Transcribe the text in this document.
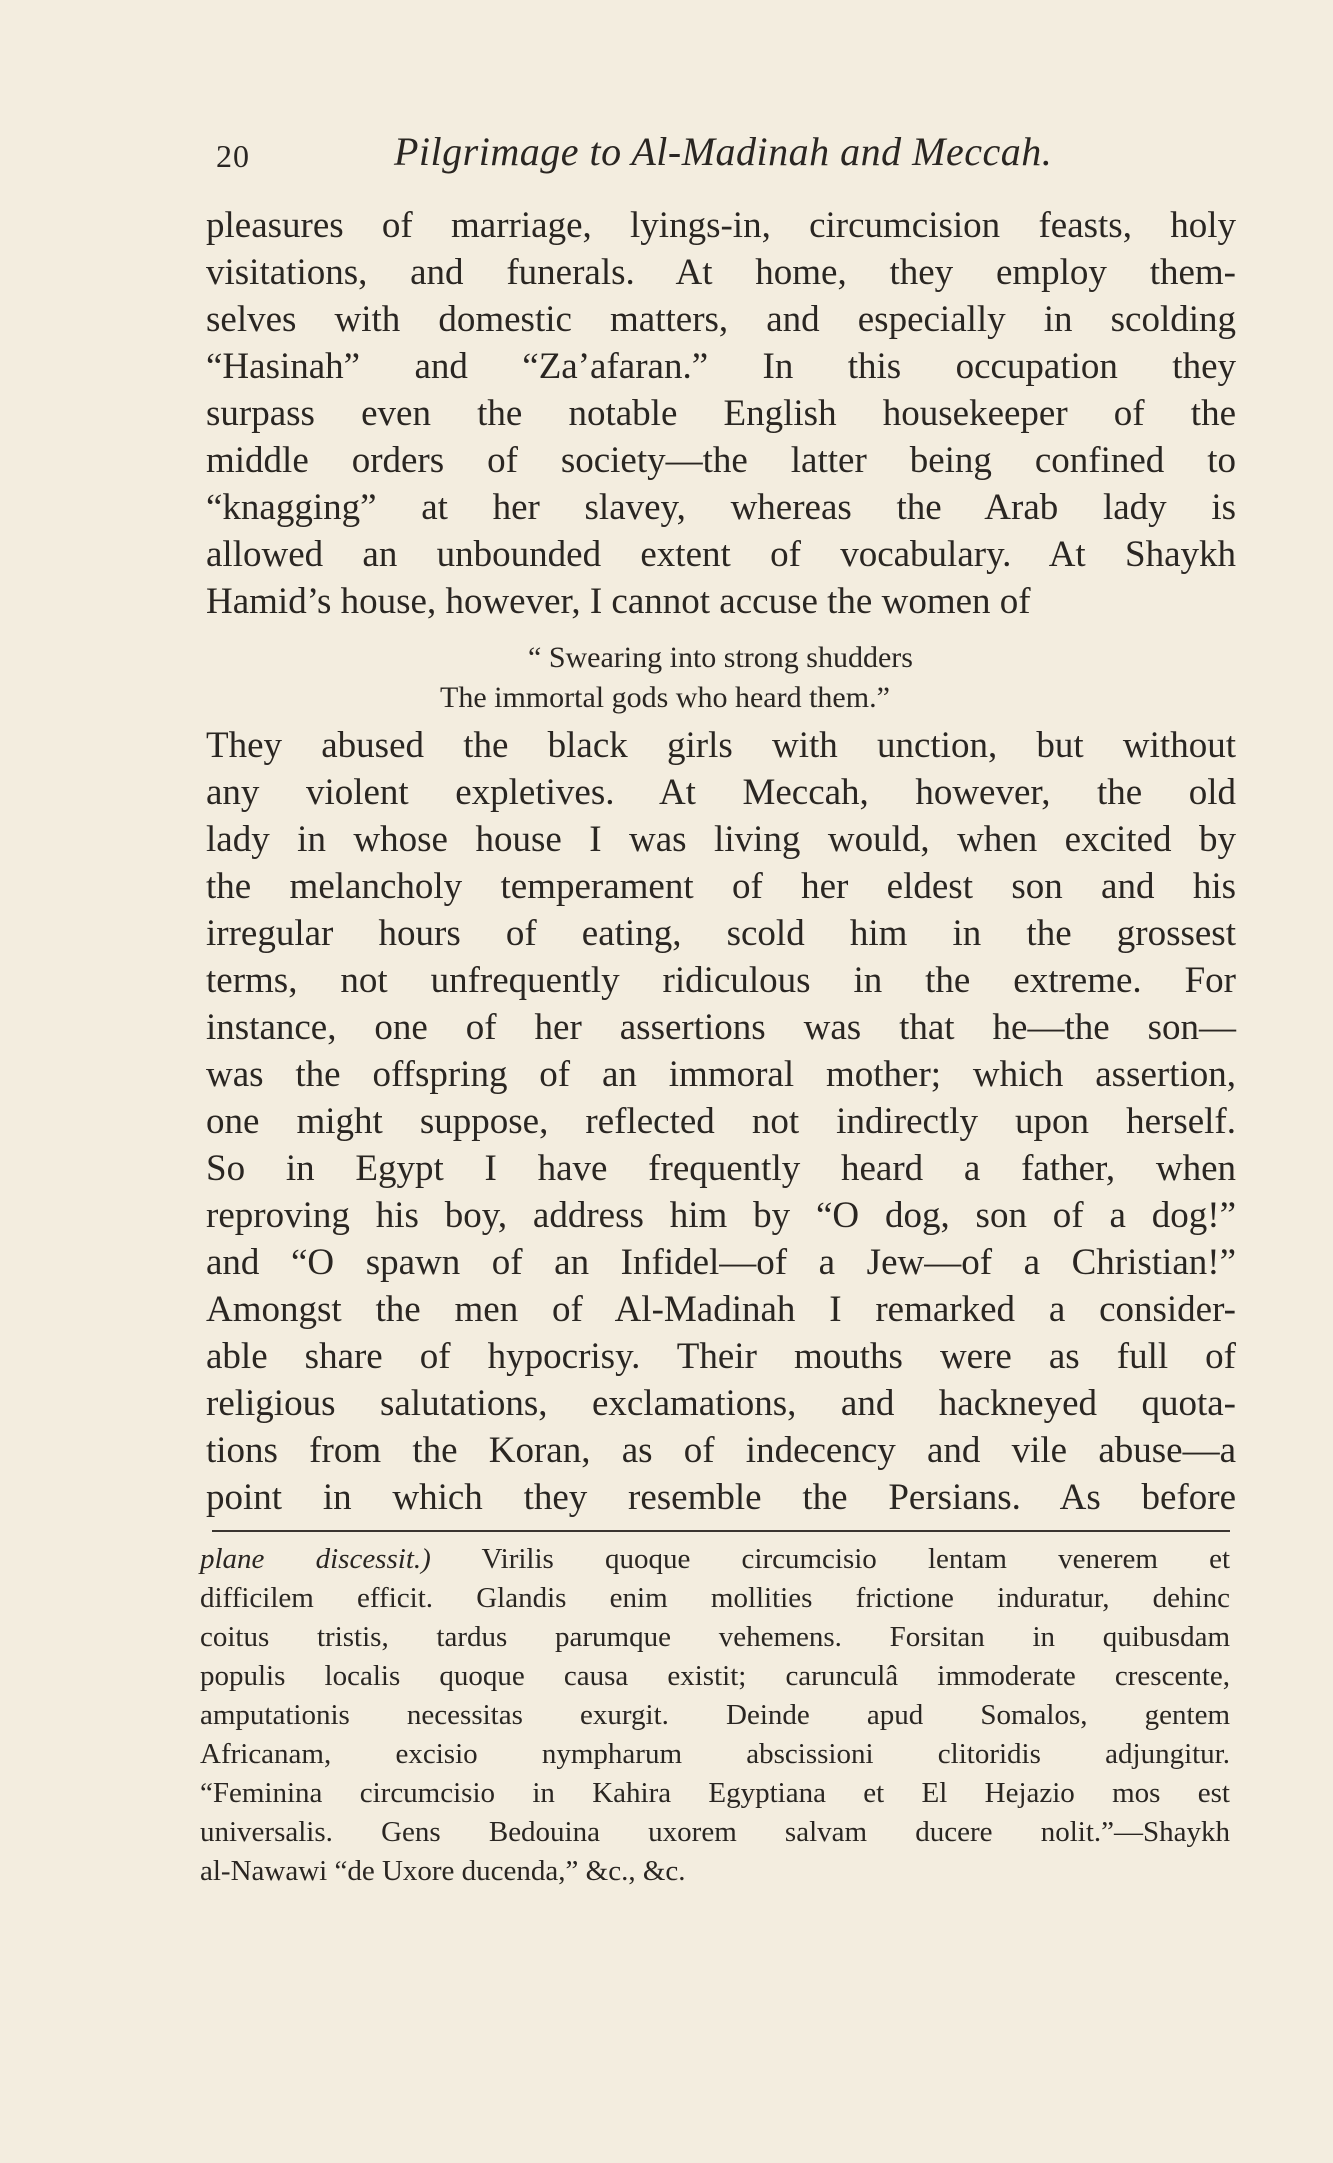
20	Pilgrimage to Al-Madinah and Meccah.
pleasures of marriage, lyings-in, circumcision feasts, holy
visitations, and funerals. At home, they employ them-
selves with domestic matters, and especially in scolding
“Hasinah” and “Za’afaran.” In this occupation they
surpass even the notable English housekeeper of the
middle orders of society—the latter being confined to
“knagging” at her slavey, whereas the Arab lady is
allowed an unbounded extent of vocabulary. At Shaykh
Hamid’s house, however, I cannot accuse the women of
“ Swearing into strong shudders
The immortal gods who heard them.”
They abused the black girls with unction, but without
any violent expletives. At Meccah, however, the old
lady in whose house I was living would, when excited by
the melancholy temperament of her eldest son and his
irregular hours of eating, scold him in the grossest
terms, not unfrequently ridiculous in the extreme. For
instance, one of her assertions was that he—the son—
was the offspring of an immoral mother; which assertion,
one might suppose, reflected not indirectly upon herself.
So in Egypt I have frequently heard a father, when
reproving his boy, address him by “O dog, son of a dog!”
and “O spawn of an Infidel—of a Jew—of a Christian!”
Amongst the men of Al-Madinah I remarked a consider-
able share of hypocrisy. Their mouths were as full of
religious salutations, exclamations, and hackneyed quota-
tions from the Koran, as of indecency and vile abuse—a
point in which they resemble the Persians. As before
plane discessit.) Virilis quoque circumcisio lentam venerem et
difficilem efficit. Glandis enim mollities frictione induratur, dehinc
coitus tristis, tardus parumque vehemens. Forsitan in quibusdam
populis localis quoque causa existit; carunculâ immoderate crescente,
amputationis necessitas exurgit. Deinde apud Somalos, gentem
Africanam, excisio nympharum abscissioni clitoridis adjungitur.
“Feminina circumcisio in Kahira Egyptiana et El Hejazio mos est
universalis. Gens Bedouina uxorem salvam ducere nolit.”—Shaykh
al-Nawawi “de Uxore ducenda,” &c., &c.
